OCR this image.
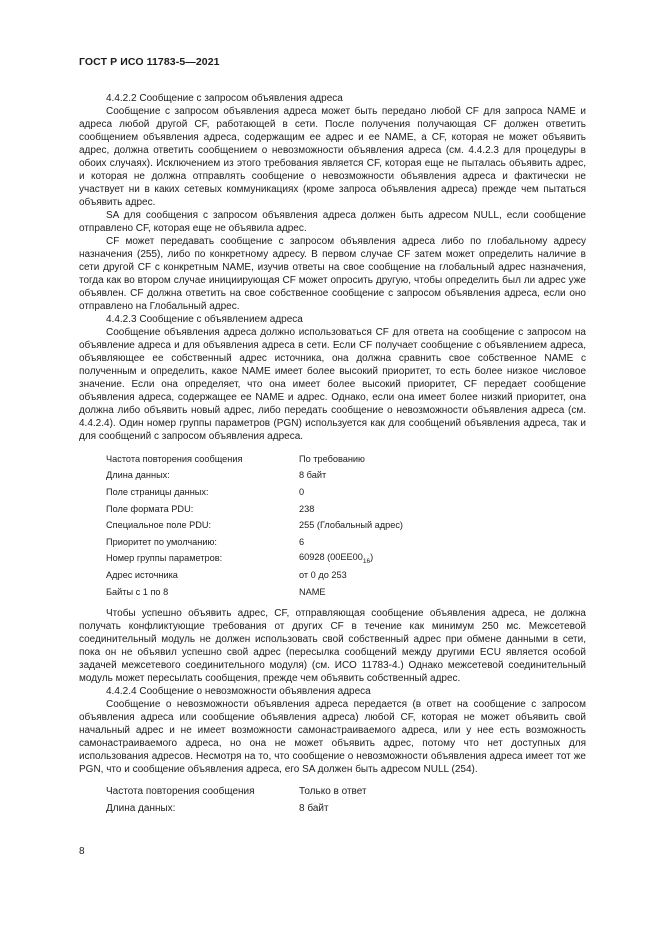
ГОСТ Р ИСО 11783-5—2021

4.4.2.2 Сообщение с запросом объявления адреса

Сообщение с запросом объявления адреса может быть передано любой CF для запроса NAME и адреса любой другой CF, работающей в сети. После получения получающая CF должен ответить сообщением объявления адреса, содержащим ее адрес и ее NAME, а CF, которая не может объявить адрес, должна ответить сообщением о невозможности объявления адреса (см. 4.4.2.3 для процедуры в обоих случаях). Исключением из этого требования является CF, которая еще не пыталась объявить адрес, и которая не должна отправлять сообщение о невозможности объявления адреса и фактически не участвует ни в каких сетевых коммуникациях (кроме запроса объявления адреса) прежде чем пытаться объявить адрес.

SA для сообщения с запросом объявления адреса должен быть адресом NULL, если сообщение отправлено CF, которая еще не объявила адрес.

CF может передавать сообщение с запросом объявления адреса либо по глобальному адресу назначения (255), либо по конкретному адресу. В первом случае CF затем может определить наличие в сети другой CF с конкретным NAME, изучив ответы на свое сообщение на глобальный адрес назначения, тогда как во втором случае инициирующая CF может опросить другую, чтобы определить был ли адрес уже объявлен. CF должна ответить на свое собственное сообщение с запросом объявления адреса, если оно отправлено на Глобальный адрес.

4.4.2.3 Сообщение с объявлением адреса

Сообщение объявления адреса должно использоваться CF для ответа на сообщение с запросом на объявление адреса и для объявления адреса в сети. Если CF получает сообщение с объявлением адреса, объявляющее ее собственный адрес источника, она должна сравнить свое собственное NAME с полученным и определить, какое NAME имеет более высокий приоритет, то есть более низкое числовое значение. Если она определяет, что она имеет более высокий приоритет, CF передает сообщение объявления адреса, содержащее ее NAME и адрес. Однако, если она имеет более низкий приоритет, она должна либо объявить новый адрес, либо передать сообщение о невозможности объявления адреса (см. 4.4.2.4). Один номер группы параметров (PGN) используется как для сообщений объявления адреса, так и для сообщений с запросом объявления адреса.

Частота повторения сообщения	По требованию
Длина данных:	8 байт
Поле страницы данных:	0
Поле формата PDU:	238
Специальное поле PDU:	255 (Глобальный адрес)
Приоритет по умолчанию:	6
Номер группы параметров:	60928 $(00EE00_{16})$
Адрес источника	от 0 до 253
Байты с 1 по 8	NAME

Чтобы успешно объявить адрес, CF, отправляющая сообщение объявления адреса, не должна получать конфликтующие требования от других CF в течение как минимум 250 мс. Межсетевой соединительный модуль не должен использовать свой собственный адрес при обмене данными в сети, пока он не объявил успешно свой адрес (пересылка сообщений между другими ECU является особой задачей межсетевого соединительного модуля) (см. ИСО 11783-4.) Однако межсетевой соединительный модуль может пересылать сообщения, прежде чем объявить собственный адрес.

4.4.2.4 Сообщение о невозможности объявления адреса

Сообщение о невозможности объявления адреса передается (в ответ на сообщение с запросом объявления адреса или сообщение объявления адреса) любой CF, которая не может объявить свой начальный адрес и не имеет возможности самонастраиваемого адреса, или у нее есть возможность самонастраиваемого адреса, но она не может объявить адрес, потому что нет доступных для использования адресов. Несмотря на то, что сообщение о невозможности объявления адреса имеет тот же PGN, что и сообщение объявления адреса, его SA должен быть адресом NULL (254).

Частота повторения сообщения	Только в ответ
Длина данных:	8 байт
8
